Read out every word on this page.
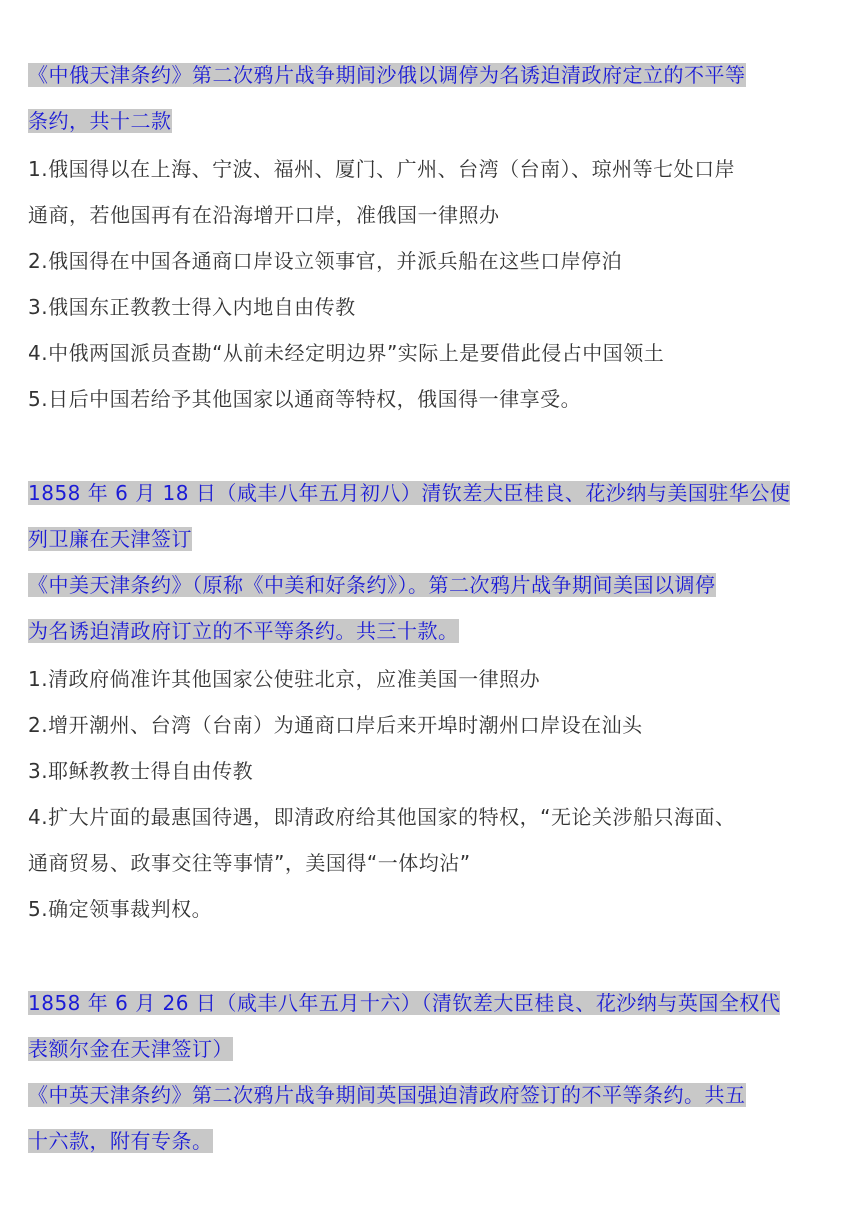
《中俄天津条约》第二次鸦片战争期间沙俄以调停为名诱迫清政府定立的不平等
条约，共十二款
1.俄国得以在上海、宁波、福州、厦门、广州、台湾（台南）、琼州等七处口岸
通商，若他国再有在沿海增开口岸，准俄国一律照办
2.俄国得在中国各通商口岸设立领事官，并派兵船在这些口岸停泊
3.俄国东正教教士得入内地自由传教
4.中俄两国派员查勘“从前未经定明边界”实际上是要借此侵占中国领土
5.日后中国若给予其他国家以通商等特权，俄国得一律享受。
1858 年 6 月 18 日（咸丰八年五月初八）清钦差大臣桂良、花沙纳与美国驻华公使
列卫廉在天津签订
《中美天津条约》（原称《中美和好条约》）。第二次鸦片战争期间美国以调停
为名诱迫清政府订立的不平等条约。共三十款。
1.清政府倘准许其他国家公使驻北京，应准美国一律照办
2.增开潮州、台湾（台南）为通商口岸后来开埠时潮州口岸设在汕头
3.耶稣教教士得自由传教
4.扩大片面的最惠国待遇，即清政府给其他国家的特权，“无论关涉船只海面、
通商贸易、政事交往等事情”，美国得“一体均沾”
5.确定领事裁判权。
1858 年 6 月 26 日（咸丰八年五月十六）（清钦差大臣桂良、花沙纳与英国全权代
表额尔金在天津签订）
《中英天津条约》第二次鸦片战争期间英国强迫清政府签订的不平等条约。共五
十六款，附有专条。
